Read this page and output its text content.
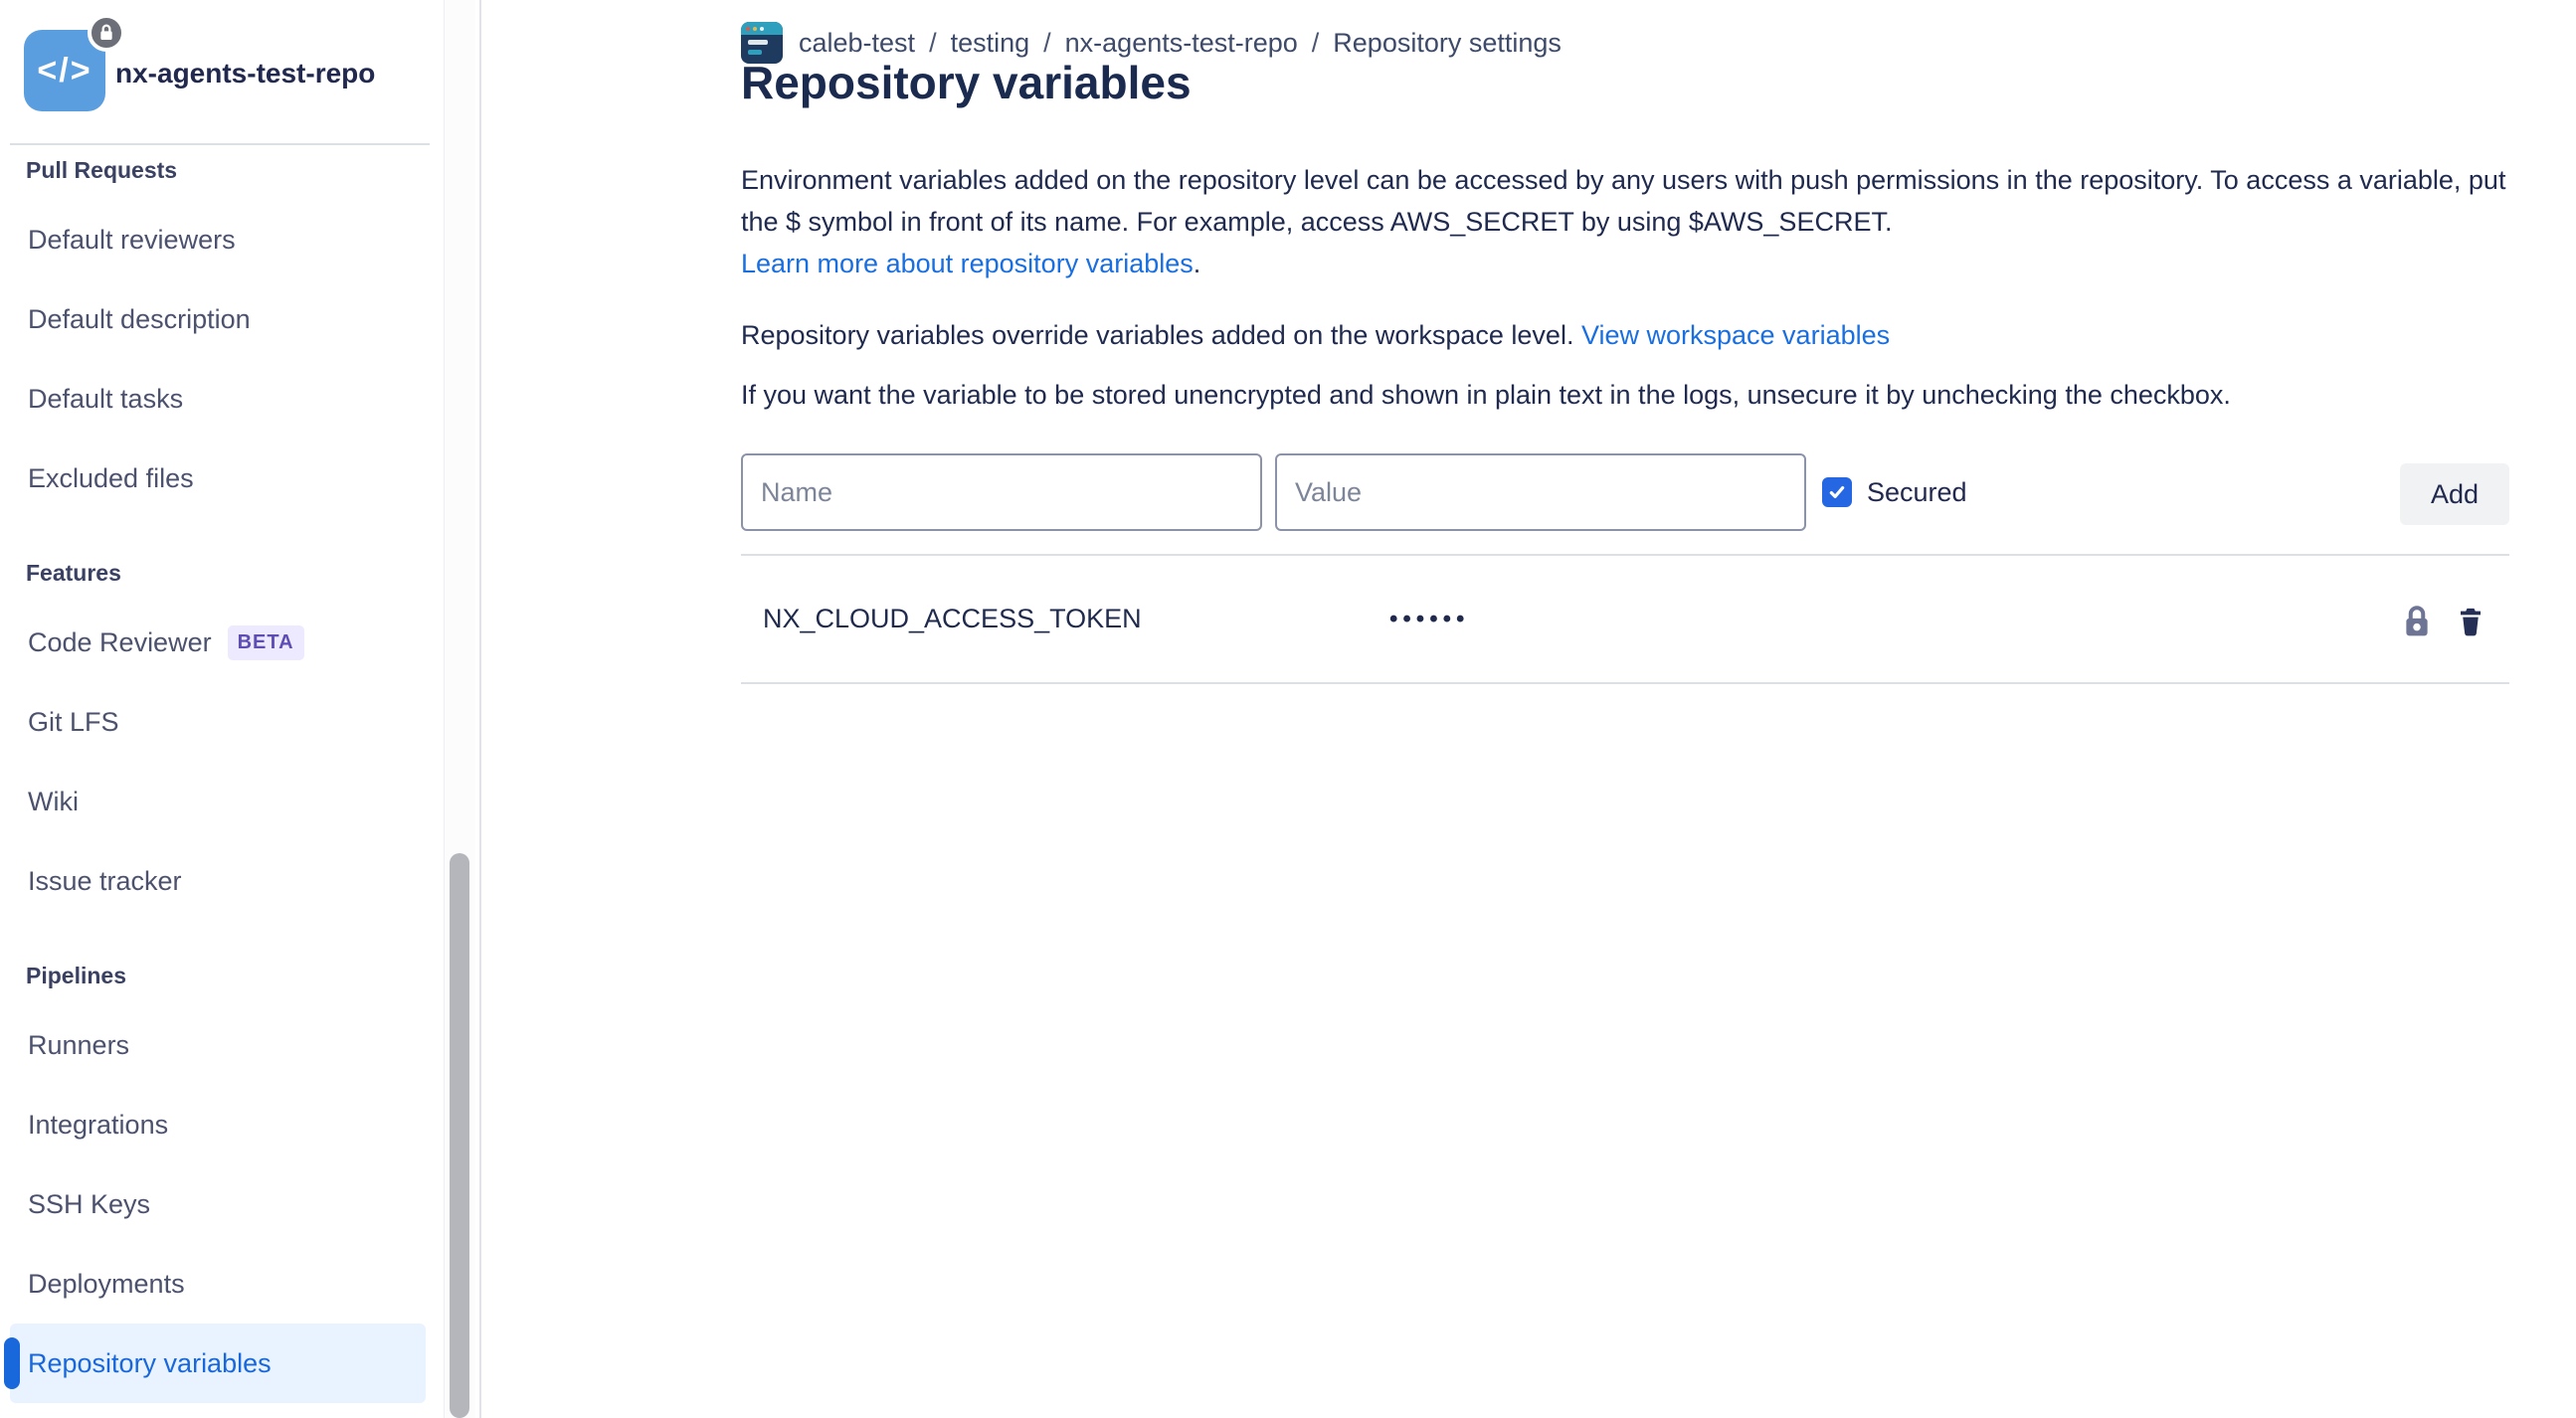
</> nx-agents-test-repo
Pull Requests
Default reviewers
Default description
Default tasks
Excluded files
Features
Code Reviewer	BETA
Git LFS
Wiki
Issue tracker
Pipelines
Runners
Integrations
SSH Keys
Deployments
Repository variables
caleb-test / testing / nx-agents-test-repo / Repository settings
Repository variables
Environment variables added on the repository level can be accessed by any users with push permissions in the repository. To access a variable, put the $ symbol in front of its name. For example, access AWS_SECRET by using $AWS_SECRET.
Learn more about repository variables.
Repository variables override variables added on the workspace level. View workspace variables
If you want the variable to be stored unencrypted and shown in plain text in the logs, unsecure it by unchecking the checkbox.
Name
Value
Secured	Add
NX_CLOUD_ACCESS_TOKEN	••••••
